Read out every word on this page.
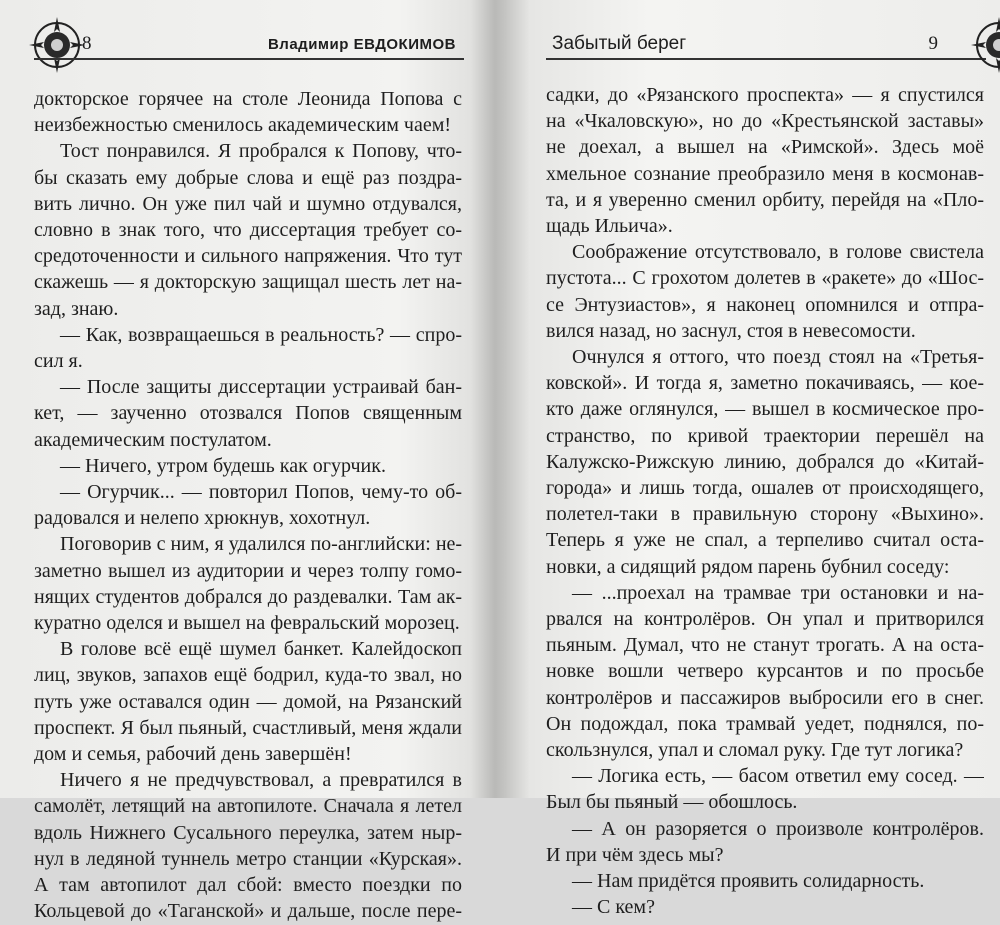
8	Владимир ЕВДОКИМОВ
докторское горячее на столе Леонида Попова с
неизбежностью сменилось академическим чаем!
Тост понравился. Я пробрался к Попову, что-
бы сказать ему добрые слова и ещё раз поздра-
вить лично. Он уже пил чай и шумно отдувался,
словно в знак того, что диссертация требует со-
средоточенности и сильного напряжения. Что тут
скажешь — я докторскую защищал шесть лет на-
зад, знаю.
— Как, возвращаешься в реальность? — спро-
сил я.
— После защиты диссертации устраивай бан-
кет, — заученно отозвался Попов священным
академическим постулатом.
— Ничего, утром будешь как огурчик.
— Огурчик... — повторил Попов, чему-то об-
радовался и нелепо хрюкнув, хохотнул.
Поговорив с ним, я удалился по-английски: не-
заметно вышел из аудитории и через толпу гомо-
нящих студентов добрался до раздевалки. Там ак-
куратно оделся и вышел на февральский морозец.
В голове всё ещё шумел банкет. Калейдоскоп
лиц, звуков, запахов ещё бодрил, куда-то звал, но
путь уже оставался один — домой, на Рязанский
проспект. Я был пьяный, счастливый, меня ждали
дом и семья, рабочий день завершён!
Ничего я не предчувствовал, а превратился в
самолёт, летящий на автопилоте. Сначала я летел
вдоль Нижнего Сусального переулка, затем ныр-
нул в ледяной туннель метро станции «Курская».
А там автопилот дал сбой: вместо поездки по
Кольцевой до «Таганской» и дальше, после пере-
Забытый берег	9
садки, до «Рязанского проспекта» — я спустился
на «Чкаловскую», но до «Крестьянской заставы»
не доехал, а вышел на «Римской». Здесь моё
хмельное сознание преобразило меня в космонав-
та, и я уверенно сменил орбиту, перейдя на «Пло-
щадь Ильича».
Соображение отсутствовало, в голове свистела
пустота... С грохотом долетев в «ракете» до «Шос-
се Энтузиастов», я наконец опомнился и отпра-
вился назад, но заснул, стоя в невесомости.
Очнулся я оттого, что поезд стоял на «Третья-
ковской». И тогда я, заметно покачиваясь, — кое-
кто даже оглянулся, — вышел в космическое про-
странство, по кривой траектории перешёл на
Калужско-Рижскую линию, добрался до «Китай-
города» и лишь тогда, ошалев от происходящего,
полетел-таки в правильную сторону «Выхино».
Теперь я уже не спал, а терпеливо считал оста-
новки, а сидящий рядом парень бубнил соседу:
— ...проехал на трамвае три остановки и на-
рвался на контролёров. Он упал и притворился
пьяным. Думал, что не станут трогать. А на оста-
новке вошли четверо курсантов и по просьбе
контролёров и пассажиров выбросили его в снег.
Он подождал, пока трамвай уедет, поднялся, по-
скользнулся, упал и сломал руку. Где тут логика?
— Логика есть, — басом ответил ему сосед. —
Был бы пьяный — обошлось.
— А он разоряется о произволе контролёров.
И при чём здесь мы?
— Нам придётся проявить солидарность.
— С кем?
